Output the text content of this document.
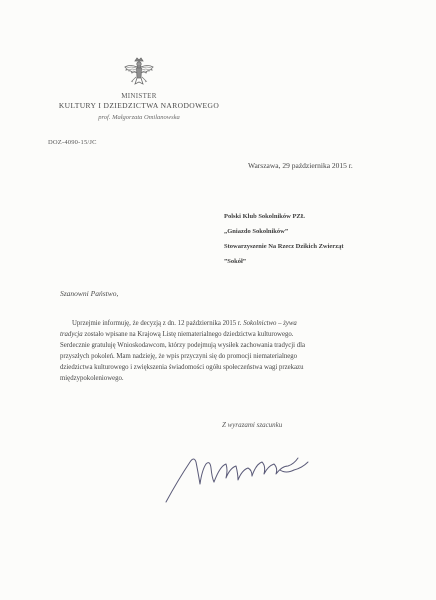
MINISTER
KULTURY I DZIEDZICTWA NARODOWEGO
prof. Małgorzata Omilanowska
DOZ-4090-15/JC
Warszawa, 29 października 2015 r.
Polski Klub Sokolników PZŁ
„Gniazdo Sokolników”
Stowarzyszenie Na Rzecz Dzikich Zwierząt
”Sokół”
Szanowni Państwo,
Uprzejmie informuję, że decyzją z dn. 12 października 2015 r. Sokolnictwo – żywa
tradycja zostało wpisane na Krajową Listę niematerialnego dziedzictwa kulturowego.
Serdecznie gratuluję Wnioskodawcom, którzy podejmują wysiłek zachowania tradycji dla
przyszłych pokoleń. Mam nadzieję, że wpis przyczyni się do promocji niematerialnego
dziedzictwa kulturowego i zwiększenia świadomości ogółu społeczeństwa wagi przekazu
międzypokoleniowego.
Z wyrazami szacunku
